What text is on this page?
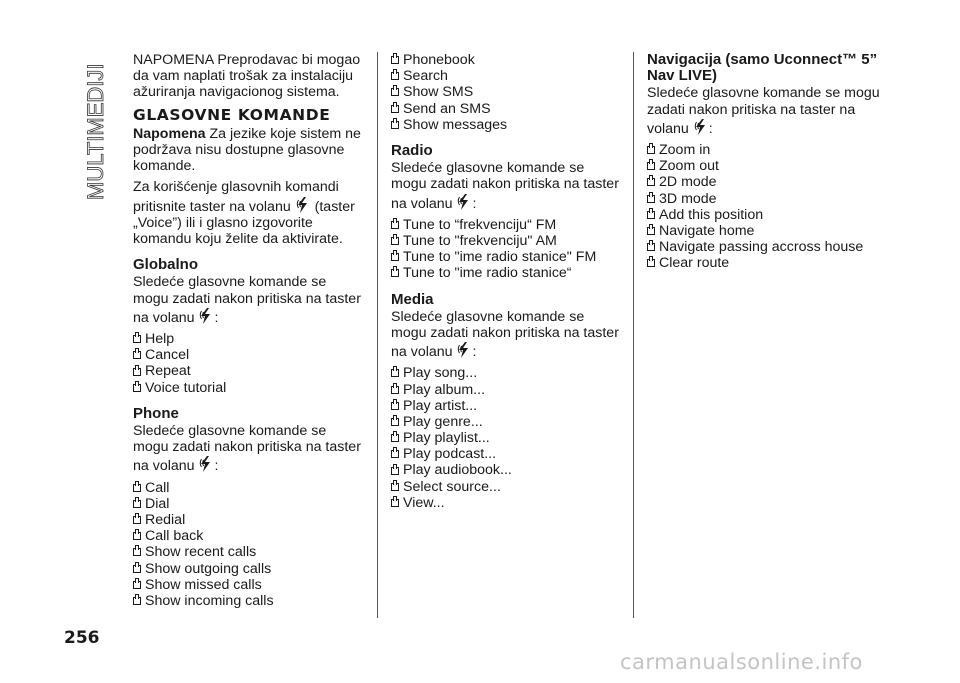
MULTIMEDIJI

NAPOMENA Preprodavac bi mogao da vam naplati trošak za instalaciju ažuriranja navigacionog sistema.

GLASOVNE KOMANDE

Napomena Za jezike koje sistem ne podržava nisu dostupne glasovne komande.

Za korišćenje glasovnih komandi pritisnite taster na volanu (taster „Voice”) ili i glasno izgovorite komandu koju želite da aktivirate.

Globalno

Sledeće glasovne komande se mogu zadati nakon pritiska na taster na volanu :

Help
Cancel
Repeat
Voice tutorial
Phone

Sledeće glasovne komande se mogu zadati nakon pritiska na taster na volanu :

Call
Dial
Redial
Call back
Show recent calls
Show outgoing calls
Show missed calls
Show incoming calls
Phonebook
Search
Show SMS
Send an SMS
Show messages
Radio

Sledeće glasovne komande se mogu zadati nakon pritiska na taster na volanu :

Tune to “frekvenciju“ FM
Tune to "frekvenciju" AM
Tune to "ime radio stanice" FM
Tune to "ime radio stanice“
Media

Sledeće glasovne komande se mogu zadati nakon pritiska na taster na volanu :

Play song...
Play album...
Play artist...
Play genre...
Play playlist...
Play podcast...
Play audiobook...
Select source...
View...
Navigacija (samo Uconnect™ 5” Nav LIVE)

Sledeće glasovne komande se mogu zadati nakon pritiska na taster na volanu :

Zoom in
Zoom out
2D mode
3D mode
Add this position
Navigate home
Navigate passing accross house
Clear route
256
carmanualsonline.info
